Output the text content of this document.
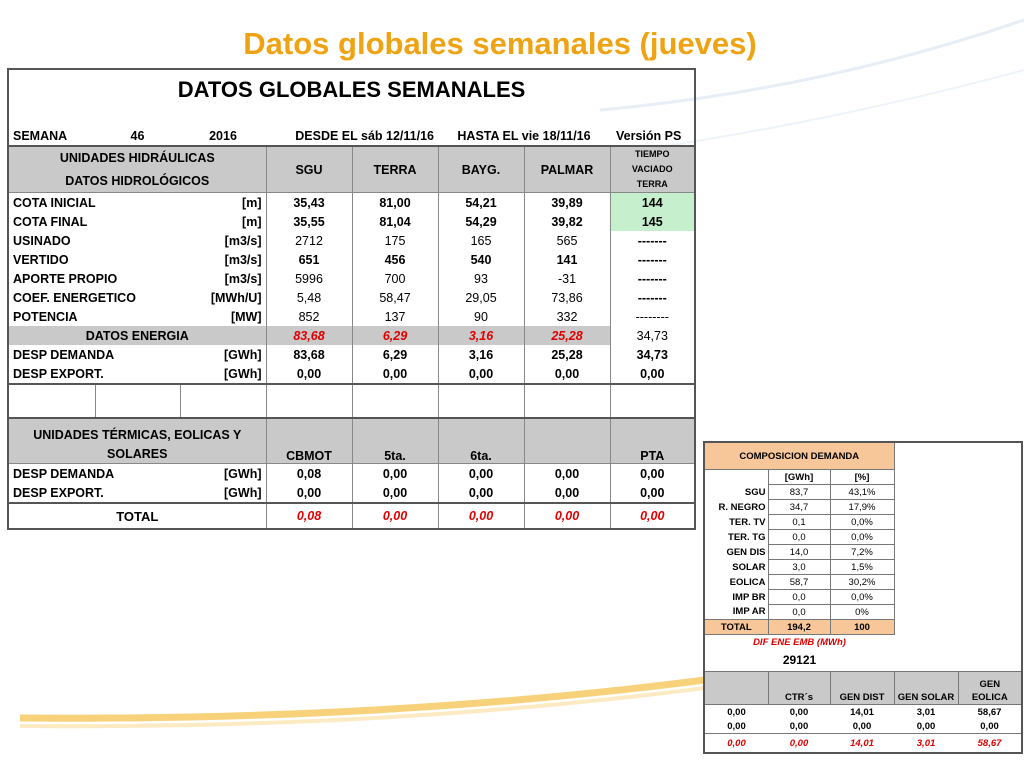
Datos globales semanales (jueves)
DATOS GLOBALES SEMANALES							

SEMANA	46	2016	DESDE EL sáb 12/11/16		HASTA EL vie 18/11/16		Versión PS
UNIDADES HIDRÁULICAS			SGU	TERRA	BAYG.	PALMAR	TIEMPO
VACIADO
TERRA

DATOS HIDROLÓGICOS							
COTA INICIAL		[m]	35,43	81,00	54,21	39,89	144
COTA FINAL		[m]	35,55	81,04	54,29	39,82	145
USINADO		[m3/s]	2712	175	165	565	-------
VERTIDO		[m3/s]	651	456	540	141	-------
APORTE PROPIO		[m3/s]	5996	700	93	-31	-------
COEF. ENERGETICO		[MWh/U]	5,48	58,47	29,05	73,86	-------
POTENCIA		[MW]	852	137	90	332	--------
DATOS ENERGIA			83,68	6,29	3,16	25,28	34,73
DESP DEMANDA		[GWh]	83,68	6,29	3,16	25,28	34,73
DESP EXPORT.		[GWh]	0,00	0,00	0,00	0,00	0,00

UNIDADES TÉRMICAS, EOLICAS Y			CBMOT	5ta.	6ta.		PTA
SOLARES							
DESP DEMANDA		[GWh]	0,08	0,00	0,00	0,00	0,00
DESP EXPORT.		[GWh]	0,00	0,00	0,00	0,00	0,00
TOTAL			0,08	0,00	0,00	0,00	0,00
COMPOSICION DEMANDA				
	[GWh]	[%]		
SGU	83,7	43,1%		
R. NEGRO	34,7	17,9%		
TER. TV	0,1	0,0%		
TER. TG	0,0	0,0%		
GEN DIS	14,0	7,2%		
SOLAR	3,0	1,5%		
EOLICA	58,7	30,2%		
IMP BR	0,0	0,0%		
IMP AR	0,0	0%		
TOTAL	194,2	100		
DIF ENE EMB (MWh)				
29121				
	CTR´s	GEN DIST	GEN SOLAR	GEN EOLICA
0,00	0,00	14,01	3,01	58,67
0,00	0,00	0,00	0,00	0,00
0,00	0,00	14,01	3,01	58,67
